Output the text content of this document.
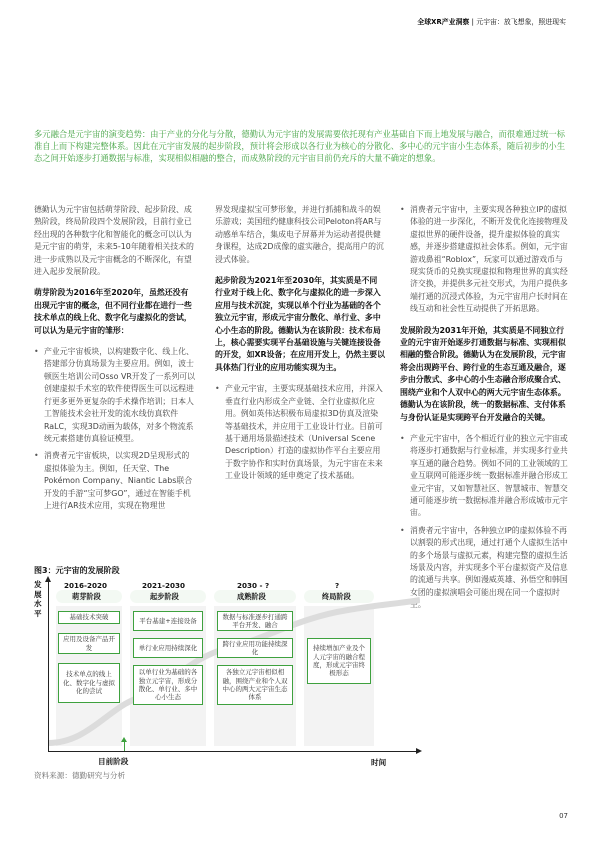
全球XR产业洞察 | 元宇宙：放飞想象，照进现实
多元融合是元宇宙的演变趋势：由于产业的分化与分散，德勤认为元宇宙的发展需要依托现有产业基础自下而上地发展与融合，而很难通过统一标准自上而下构建完整体系。因此在元宇宙发展的起步阶段，预计将会形成以各行业为核心的分散化、多中心的元宇宙小生态体系，随后初步的小生态之间开始逐步打通数据与标准，实现相似相融的整合，而成熟阶段的元宇宙目前仍充斥的大量不确定的想象。

德勤认为元宇宙包括萌芽阶段、起步阶段、成熟阶段，终局阶段四个发展阶段，目前行业已经出现的各种数字化和智能化的概念可以认为是元宇宙的萌芽，未来5-10年随着相关技术的进一步成熟以及元宇宙概念的不断深化，有望进入起步发展阶段。

萌芽阶段为2016年至2020年，虽然还没有出现元宇宙的概念，但不同行业都在进行一些技术单点的线上化、数字化与虚拟化的尝试，可以认为是元宇宙的雏形：

• 产业元宇宙板块，以构建数字化、线上化、搭建部分仿真场景为主要应用。例如，波士顿医生培训公司Osso VR开发了一系列可以创建虚拟手术室的软件使得医生可以远程进行更多更外更复杂的手术操作培训；日本人工智能技术会社开发的流水线仿真软件RaLC，实现3D动画为载体，对多个物流系统元素搭建仿真验证模型。
• 消费者元宇宙板块，以实现2D呈现形式的虚拟体验为主。例如，任天堂、The Pokémon Company、Niantic Labs联合开发的手游“宝可梦GO”，通过在智能手机上进行AR技术应用，实现在物理世

界发现虚拟宝可梦形象，并进行抓捕和战斗的娱乐游戏；美国纽约健康科技公司Peloton将AR与动感单车结合，集成电子屏幕并为运动者提供健身课程，达成2D成像的虚实融合，提高用户的沉浸式体验。

起步阶段为2021年至2030年，其实质是不同行业对于线上化、数字化与虚拟化的进一步深入应用与技术沉淀，实现以单个行业为基础的各个独立元宇宙，形成元宇宙分散化、单行业、多中心小生态的阶段。德勤认为在该阶段：技术布局上，核心需要实现平台基础设施与关键连接设备的开发，如XR设备；在应用开发上，仍然主要以具体热门行业的应用功能实现为主。

• 产业元宇宙，主要实现基础技术应用，并深入垂直行业内形成全产业链、全行业虚拟化应用。例如英伟达积极布局虚拟3D仿真及渲染等基础技术，并应用于工业设计行业。目前可基于通用场景描述技术（Universal Scene Description）打造的虚拟协作平台主要应用于数字协作和实时仿真场景，为元宇宙在未来工业设计领域的延申奠定了技术基础。
• 消费者元宇宙中，主要实现各种独立IP的虚拟体验的进一步深化，不断开发优化连接物理及虚拟世界的硬件设备，提升虚拟体验的真实感，并逐步搭建虚拟社会体系。例如，元宇宙游戏鼻祖“Roblox”，玩家可以通过游戏币与现实货币的兑换实现虚拟和物理世界的真实经济交换，并提供多元社交形式，为用户提供多端打通的沉浸式体验，为元宇宙用户长时间在线互动和社会性互动提供了开拓思路。

发展阶段为2031年开始，其实质是不同独立行业的元宇宙开始逐步打通数据与标准、实现相似相融的整合阶段。德勤认为在发展阶段，元宇宙将会出现跨平台、跨行业的生态互通及融合，逐步由分散式、多中心的小生态融合形成聚合式、围绕产业和个人双中心的两大元宇宙生态体系。德勤认为在该阶段，统一的数据标准、支付体系与身份认证是实现跨平台开发融合的关键。

• 产业元宇宙中，各个相近行业的独立元宇宙或将逐步打通数据与行业标准，并实现多行业共享互通的融合趋势。例如不同的工业领域的工业互联网可能逐步统一数据标准并融合形成工业元宇宙，又如智慧社区、智慧城市、智慧交通可能逐步统一数据标准并融合形成城市元宇宙。
• 消费者元宇宙中，各种独立IP的虚拟体验不再以割裂的形式出现，通过打通个人虚拟生活中的多个场景与虚拟元素，构建完整的虚拟生活场景及内容，并实现多个平台虚拟资产及信息的流通与共享。例如漫威英雄、孙悟空和韩国女团的虚拟演唱会可能出现在同一个虚拟时空。
图3：元宇宙的发展阶段
发展水平
时间
2016-2020
萌芽阶段
基础技术突破
应用及设备产品开发
技术单点的线上化、数字化与虚拟化的尝试
2021-2030
起步阶段
平台基建+连接设备
单行业应用持续深化
以单行业为基础的各独立元宇宙，形成分散化、单行业、多中心小生态
2030 - ?
成熟阶段
数据与标准逐步打通跨平台开发、融合
跨行业应用功能持续深化
各独立元宇宙相似相融，围绕产业和个人双中心的两大元宇宙生态体系
?
终局阶段
持续增加产业及个人元宇宙的融合程度，形成元宇宙终极形态
目前阶段
资料来源：德勤研究与分析
07
